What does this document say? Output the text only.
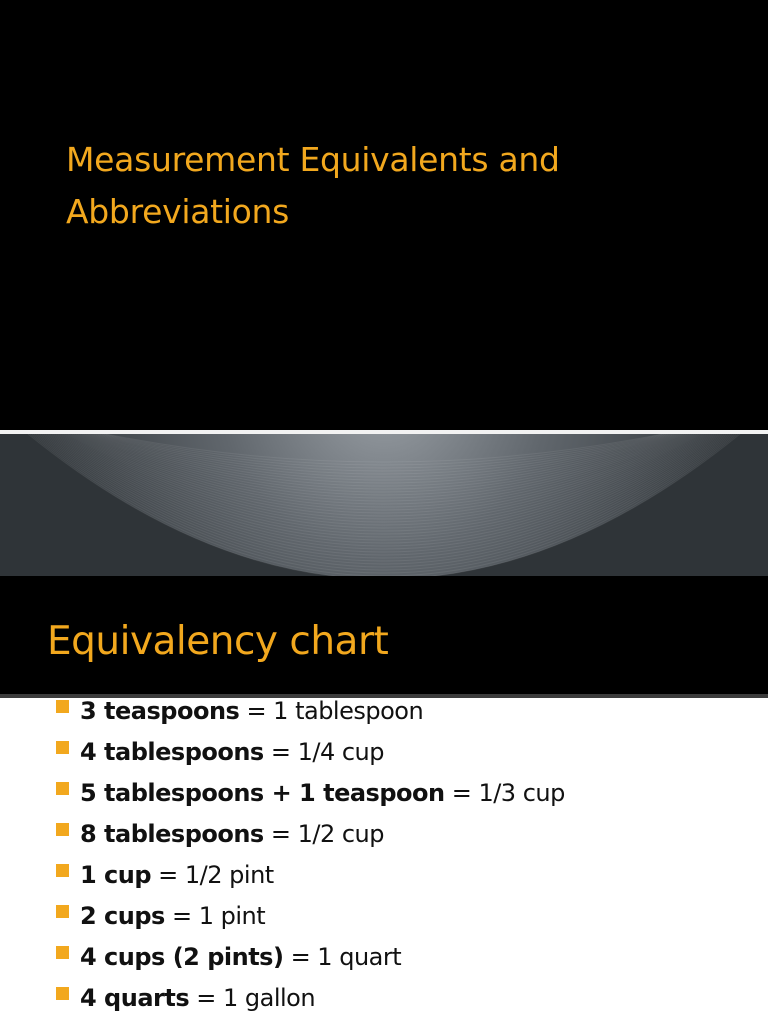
Measurement Equivalents and Abbreviations
Equivalency chart
3 teaspoons = 1 tablespoon
4 tablespoons = 1/4 cup
5 tablespoons + 1 teaspoon = 1/3 cup
8 tablespoons = 1/2 cup
1 cup = 1/2 pint
2 cups = 1 pint
4 cups (2 pints) = 1 quart
4 quarts = 1 gallon
